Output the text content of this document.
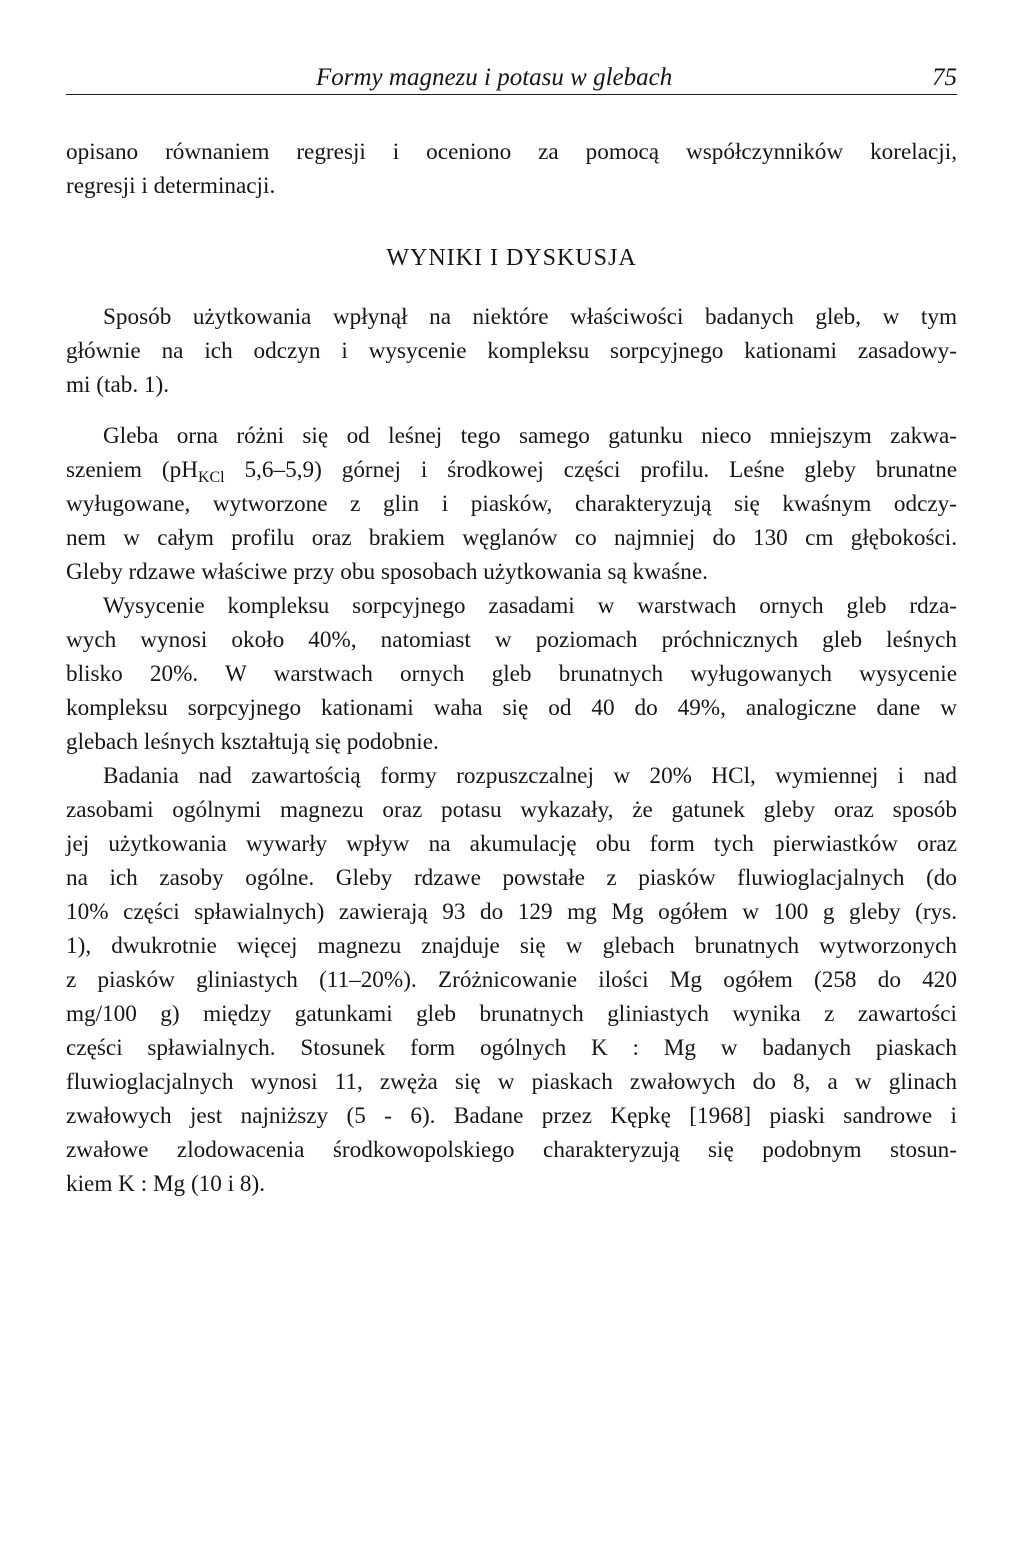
Formy magnezu i potasu w glebach	75
opisano równaniem regresji i oceniono za pomocą współczynników korelacji,
regresji i determinacji.
WYNIKI I DYSKUSJA
Sposób użytkowania wpłynął na niektóre właściwości badanych gleb, w tym
głównie na ich odczyn i wysycenie kompleksu sorpcyjnego kationami zasadowy-
mi (tab. 1).
Gleba orna różni się od leśnej tego samego gatunku nieco mniejszym zakwa-
szeniem ($pH_{KCl}$ 5,6–5,9) górnej i środkowej części profilu. Leśne gleby brunatne
wyługowane, wytworzone z glin i piasków, charakteryzują się kwaśnym odczy-
nem w całym profilu oraz brakiem węglanów co najmniej do 130 cm głębokości.
Gleby rdzawe właściwe przy obu sposobach użytkowania są kwaśne.
Wysycenie kompleksu sorpcyjnego zasadami w warstwach ornych gleb rdza-
wych wynosi około 40%, natomiast w poziomach próchnicznych gleb leśnych
blisko 20%. W warstwach ornych gleb brunatnych wyługowanych wysycenie
kompleksu sorpcyjnego kationami waha się od 40 do 49%, analogiczne dane w
glebach leśnych kształtują się podobnie.
Badania nad zawartością formy rozpuszczalnej w 20% HCl, wymiennej i nad
zasobami ogólnymi magnezu oraz potasu wykazały, że gatunek gleby oraz sposób
jej użytkowania wywarły wpływ na akumulację obu form tych pierwiastków oraz
na ich zasoby ogólne. Gleby rdzawe powstałe z piasków fluwioglacjalnych (do
10% części spławialnych) zawierają 93 do 129 mg Mg ogółem w 100 g gleby (rys.
1), dwukrotnie więcej magnezu znajduje się w glebach brunatnych wytworzonych
z piasków gliniastych (11–20%). Zróżnicowanie ilości Mg ogółem (258 do 420
mg/100 g) między gatunkami gleb brunatnych gliniastych wynika z zawartości
części spławialnych. Stosunek form ogólnych K : Mg w badanych piaskach
fluwioglacjalnych wynosi 11, zwęża się w piaskach zwałowych do 8, a w glinach
zwałowych jest najniższy (5 - 6). Badane przez Kępkę [1968] piaski sandrowe i
zwałowe zlodowacenia środkowopolskiego charakteryzują się podobnym stosun-
kiem K : Mg (10 i 8).
